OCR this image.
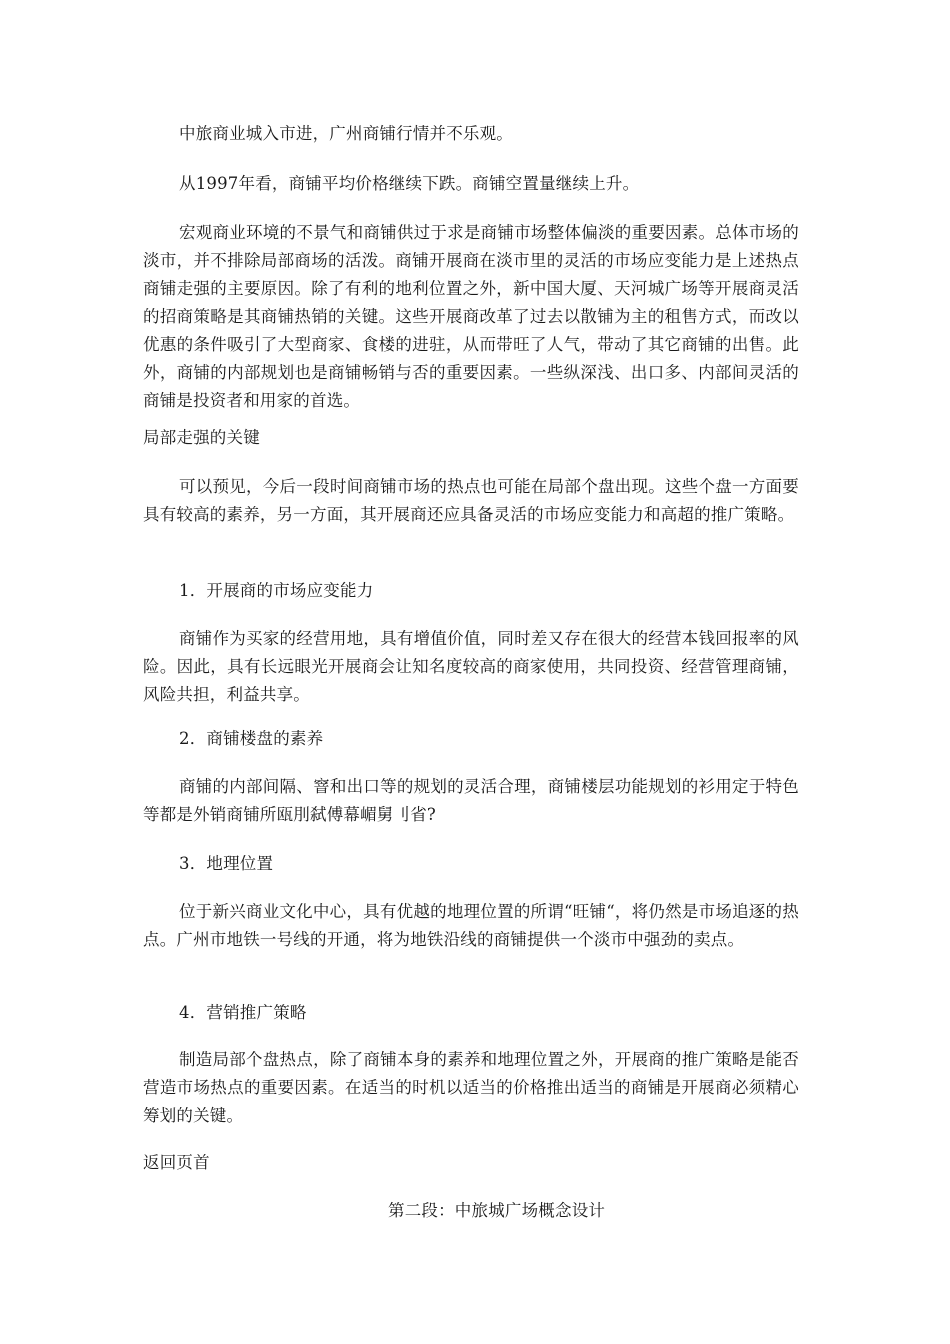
中旅商业城入市进，广州商铺行情并不乐观。

从1997年看，商铺平均价格继续下跌。商铺空置量继续上升。

宏观商业环境的不景气和商铺供过于求是商铺市场整体偏淡的重要因素。总体市场的淡市，并不排除局部商场的活泼。商铺开展商在淡市里的灵活的市场应变能力是上述热点商铺走强的主要原因。除了有利的地利位置之外，新中国大厦、天河城广场等开展商灵活的招商策略是其商铺热销的关键。这些开展商改革了过去以散铺为主的租售方式，而改以优惠的条件吸引了大型商家、食楼的进驻，从而带旺了人气，带动了其它商铺的出售。此外，商铺的内部规划也是商铺畅销与否的重要因素。一些纵深浅、出口多、内部间灵活的商铺是投资者和用家的首选。

局部走强的关键

可以预见，今后一段时间商铺市场的热点也可能在局部个盘出现。这些个盘一方面要具有较高的素养，另一方面，其开展商还应具备灵活的市场应变能力和高超的推广策略。

1．开展商的市场应变能力

商铺作为买家的经营用地，具有增值价值，同时差又存在很大的经营本钱回报率的风险。因此，具有长远眼光开展商会让知名度较高的商家使用，共同投资、经营管理商铺，风险共担，利益共享。

2．商铺楼盘的素养

商铺的内部间隔、窨和出口等的规划的灵活合理，商铺楼层功能规划的衫用定于特色等都是外销商铺所瓯刖弑傅幕嵋舅刂省?

3．地理位置

位于新兴商业文化中心，具有优越的地理位置的所谓“旺铺“，将仍然是市场追逐的热点。广州市地铁一号线的开通，将为地铁沿线的商铺提供一个淡市中强劲的卖点。

4．营销推广策略

制造局部个盘热点，除了商铺本身的素养和地理位置之外，开展商的推广策略是能否营造市场热点的重要因素。在适当的时机以适当的价格推出适当的商铺是开展商必须精心筹划的关键。

返回页首

第二段：中旅城广场概念设计
